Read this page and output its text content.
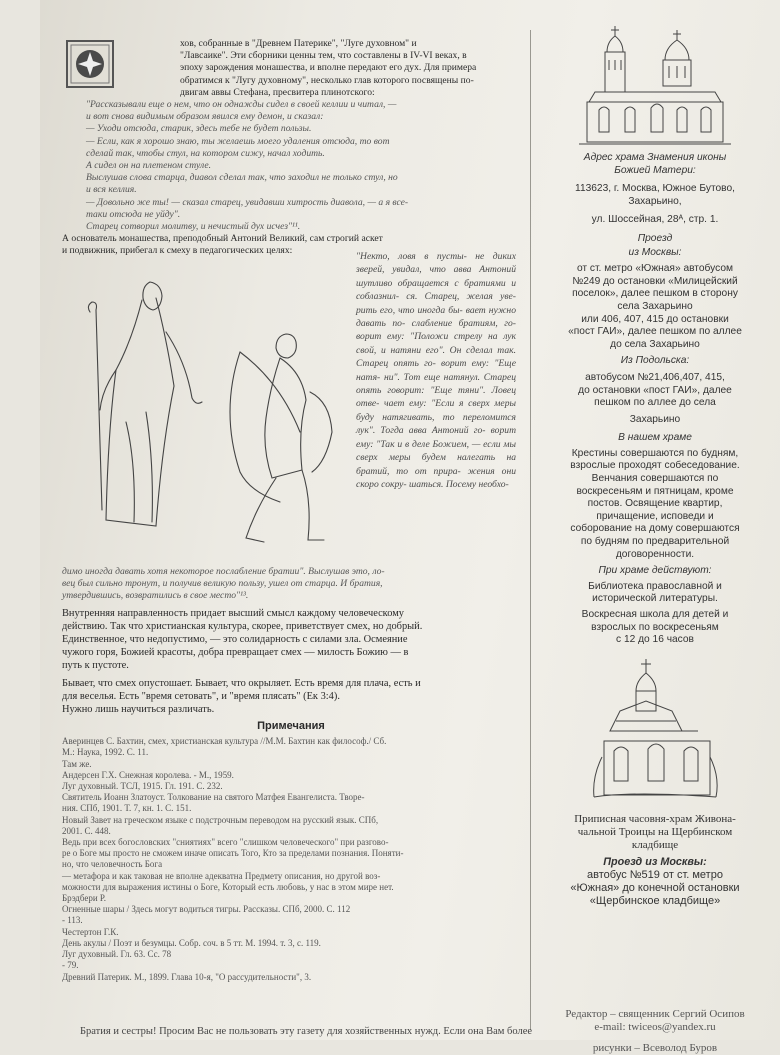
хов, собранные в "Древнем Патерике", "Луге духовном" и
"Лавсаике". Эти сборники ценны тем, что составлены в IV-VI веках, в
эпоху зарождения монашества, и вполне передают его дух. Для примера
обратимся к "Лугу духовному", несколько глав которого посвящены по-
двигам аввы Стефана, пресвитера плинотского:

"Рассказывали еще о нем, что он однажды сидел в своей келлии и читал, —

и вот снова видимым образом явился ему демон, и сказал:

— Уходи отсюда, старик, здесь тебе не будет пользы.

— Если, как я хорошо знаю, ты желаешь моего удаления отсюда, то вот

сделай так, чтобы стул, на котором сижу, начал ходить.

А сидел он на плетеном стуле.

Выслушав слова старца, диавол сделал так, что заходил не только стул, но

и вся келлия.

— Довольно же ты! — сказал старец, увидавши хитрость диавола, — а я все-

таки отсюда не уйду".

Старец сотворил молитву, и нечистый дух исчез"¹¹.

А основатель монашества, преподобный Антоний Великий, сам строгий аскет

и подвижник, прибегал к смеху в педагогических целях:

"Некто, ловя в пусты- не диких зверей, увидал, что авва Антоний шутливо обращается с братиями и соблазнил- ся. Старец, желая уве- рить его, что иногда бы- вает нужно давать по- слабление братиям, го- ворит ему: "Положи стрелу на лук свой, и натяни его". Он сделал так. Старец опять го- ворит ему: "Еще натя- ни". Тот еще натянул. Старец опять говорит: "Еще тяни". Ловец отве- чает ему: "Если я сверх меры буду натягивать, то переломится лук". Тогда авва Антоний го- ворит ему: "Так и в деле Божием, — если мы сверх меры будем налегать на братий, то от прира- жения они скоро сокру- шаться. Посему необхо-

димо иногда давать хотя некоторое послабление братии". Выслушав это, ло-

вец был сильно тронут, и получив великую пользу, ушел от старца. И братия,

утвердившись, возвратились в свое место"¹³.

Внутренняя направленность придает высший смысл каждому человеческому

действию. Так что христианская культура, скорее, приветствует смех, но добрый.

Единственное, что недопустимо, — это солидарность с силами зла. Осмеяние

чужого горя, Божией красоты, добра превращает смех — милость Божию — в

путь к пустоте.

Бывает, что смех опустошает. Бывает, что окрыляет. Есть время для плача, есть и

для веселья. Есть "время сетовать", и "время плясать" (Ек 3:4).

Нужно лишь научиться различать.

Примечания

Аверинцев С. Бахтин, смех, христианская культура //М.М. Бахтин как философ./ Сб.

М.: Наука, 1992. С. 11.

Там же.

Андерсен Г.Х. Снежная королева. - М., 1959.

Луг духовный. ТСЛ, 1915. Гл. 191. С. 232.

Святитель Иоанн Златоуст. Толкование на святого Матфея Евангелиста. Творе-

ния. СПб, 1901. Т. 7, кн. 1. С. 151.

Новый Завет на греческом языке с подстрочным переводом на русский язык. СПб,

2001. С. 448.

Ведь при всех богословских "сниятиях" всего "слишком человеческого" при разгово-

ре о Боге мы просто не сможем иначе описать Того, Кто за пределами познания. Поняти-

но, что человечность Бога

— метафора и как таковая не вполне адекватна Предмету описания, но другой воз-

можности для выражения истины о Боге, Который есть любовь, у нас в этом мире нет.

Брэдбери Р.

Огненные шары / Здесь могут водиться тигры. Рассказы. СПб, 2000. С. 112

- 113.

Честертон Г.К.

День акулы / Поэт и безумцы. Собр. соч. в 5 тт. М. 1994. т. 3, с. 119.

Луг духовный. Гл. 63. Сс. 78

- 79.

Древний Патерик. М., 1899. Глава 10-я, "О рассудительности", 3.

Адрес храма Знамения иконы

Божией Матери:

113623, г. Москва, Южное Бутово,

Захарьино,

ул. Шоссейная, 28ᴬ, стр. 1.

Проезд

из Москвы:

от ст. метро «Южная» автобусом

№249 до остановки «Милицейский

поселок», далее пешком в сторону

села Захарьино

или 406, 407, 415 до остановки

«пост ГАИ», далее пешком по аллее

до села Захарьино

Из Подольска:

автобусом №21,406,407, 415,

до остановки «пост ГАИ», далее

пешком по аллее до села

Захарьино

В нашем храме

Крестины совершаются по будням,

взрослые проходят собеседование.

Венчания совершаются по

воскресеньям и пятницам, кроме

постов. Освящение квартир,

причащение, исповеди и

соборование на дому совершаются

по будням по предварительной

договоренности.

При храме действуют:

Библиотека православной и

исторической литературы.

Воскресная школа для детей и

взрослых по воскресеньям

с 12 до 16 часов

Приписная часовня-храм Живона-

чальной Троицы на Щербинском

кладбище

Проезд из Москвы:

автобус №519 от ст. метро

«Южная» до конечной остановки

«Щербинское кладбище»

Редактор – священник Сергий Осипов

e-mail: twiceos@yandex.ru

рисунки – Всеволод Буров

Братия и сестры! Просим Вас не пользовать эту газету для хозяйственных нужд. Если она Вам более
